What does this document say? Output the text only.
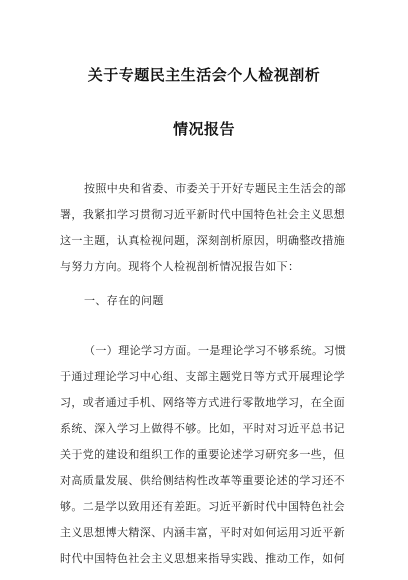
关于专题民主生活会个人检视剖析
情况报告
按照中央和省委、市委关于开好专题民主生活会的部
署，我紧扣学习贯彻习近平新时代中国特色社会主义思想
这一主题，认真检视问题，深刻剖析原因，明确整改措施
与努力方向。现将个人检视剖析情况报告如下：
一、存在的问题
（一）理论学习方面。一是理论学习不够系统。习惯
于通过理论学习中心组、支部主题党日等方式开展理论学
习，或者通过手机、网络等方式进行零散地学习，在全面
系统、深入学习上做得不够。比如，平时对习近平总书记
关于党的建设和组织工作的重要论述学习研究多一些，但
对高质量发展、供给侧结构性改革等重要论述的学习还不
够。二是学以致用还有差距。习近平新时代中国特色社会
主义思想博大精深、内涵丰富，平时对如何运用习近平新
时代中国特色社会主义思想来指导实践、推动工作，如何
